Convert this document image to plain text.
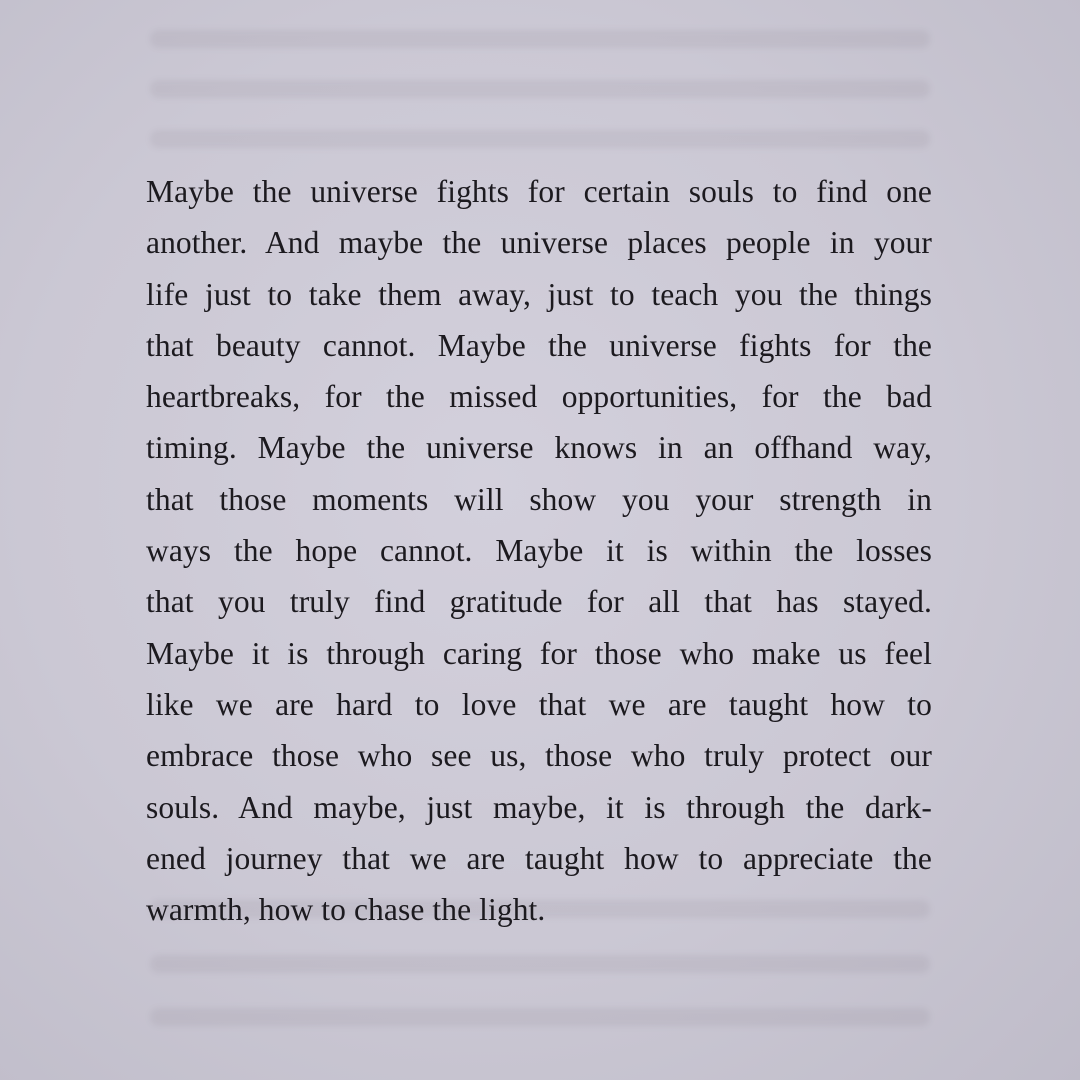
Maybe the universe fights for certain souls to find one
another. And maybe the universe places people in your
life just to take them away, just to teach you the things
that beauty cannot. Maybe the universe fights for the
heartbreaks, for the missed opportunities, for the bad
timing. Maybe the universe knows in an offhand way,
that those moments will show you your strength in
ways the hope cannot. Maybe it is within the losses
that you truly find gratitude for all that has stayed.
Maybe it is through caring for those who make us feel
like we are hard to love that we are taught how to
embrace those who see us, those who truly protect our
souls. And maybe, just maybe, it is through the dark-
ened journey that we are taught how to appreciate the
warmth, how to chase the light.
